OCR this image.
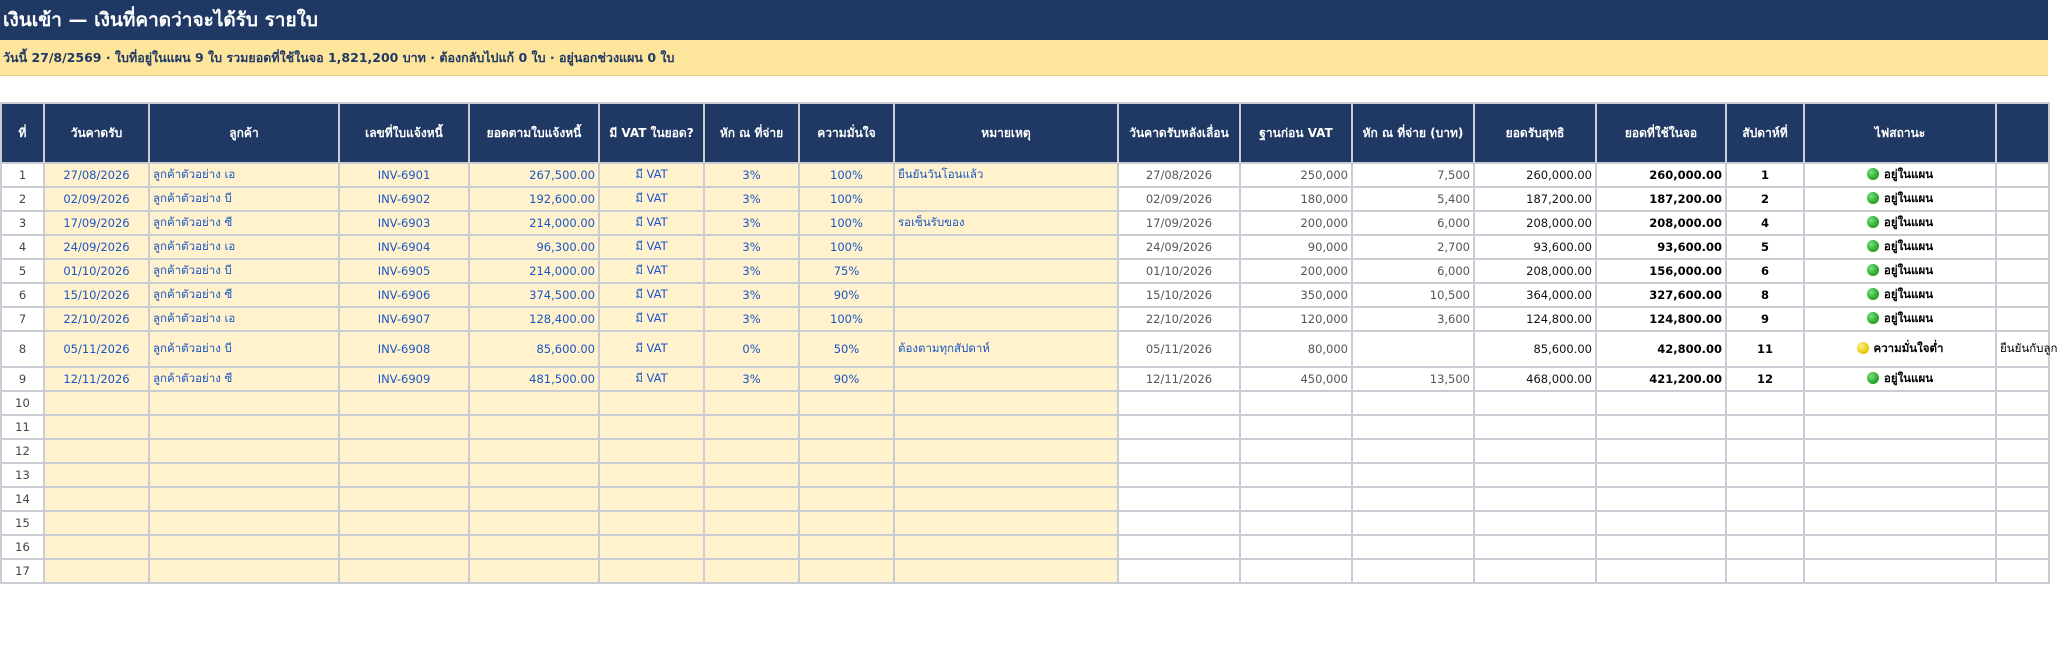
เงินเข้า — เงินที่คาดว่าจะได้รับ รายใบ
วันนี้ 27/8/2569 · ใบที่อยู่ในแผน 9 ใบ รวมยอดที่ใช้ในจอ 1,821,200 บาท · ต้องกลับไปแก้ 0 ใบ · อยู่นอกช่วงแผน 0 ใบ
ที่	วันคาดรับ	ลูกค้า	เลขที่ใบแจ้งหนี้	ยอดตามใบแจ้งหนี้	มี VAT ในยอด?	หัก ณ ที่จ่าย	ความมั่นใจ	หมายเหตุ	วันคาดรับหลังเลื่อน	ฐานก่อน VAT	หัก ณ ที่จ่าย (บาท)	ยอดรับสุทธิ	ยอดที่ใช้ในจอ	สัปดาห์ที่	ไฟสถานะ	
1	27/08/2026	ลูกค้าตัวอย่าง เอ	INV-6901	267,500.00	มี VAT	3%	100%	ยืนยันวันโอนแล้ว	27/08/2026	250,000	7,500	260,000.00	260,000.00	1	อยู่ในแผน	
2	02/09/2026	ลูกค้าตัวอย่าง บี	INV-6902	192,600.00	มี VAT	3%	100%		02/09/2026	180,000	5,400	187,200.00	187,200.00	2	อยู่ในแผน	
3	17/09/2026	ลูกค้าตัวอย่าง ซี	INV-6903	214,000.00	มี VAT	3%	100%	รอเซ็นรับของ	17/09/2026	200,000	6,000	208,000.00	208,000.00	4	อยู่ในแผน	
4	24/09/2026	ลูกค้าตัวอย่าง เอ	INV-6904	96,300.00	มี VAT	3%	100%		24/09/2026	90,000	2,700	93,600.00	93,600.00	5	อยู่ในแผน	
5	01/10/2026	ลูกค้าตัวอย่าง บี	INV-6905	214,000.00	มี VAT	3%	75%		01/10/2026	200,000	6,000	208,000.00	156,000.00	6	อยู่ในแผน	
6	15/10/2026	ลูกค้าตัวอย่าง ซี	INV-6906	374,500.00	มี VAT	3%	90%		15/10/2026	350,000	10,500	364,000.00	327,600.00	8	อยู่ในแผน	
7	22/10/2026	ลูกค้าตัวอย่าง เอ	INV-6907	128,400.00	มี VAT	3%	100%		22/10/2026	120,000	3,600	124,800.00	124,800.00	9	อยู่ในแผน	
8	05/11/2026	ลูกค้าตัวอย่าง บี	INV-6908	85,600.00	มี VAT	0%	50%	ต้องตามทุกสัปดาห์	05/11/2026	80,000		85,600.00	42,800.00	11	ความมั่นใจต่ำ	ยืนยันกับลูก
9	12/11/2026	ลูกค้าตัวอย่าง ซี	INV-6909	481,500.00	มี VAT	3%	90%		12/11/2026	450,000	13,500	468,000.00	421,200.00	12	อยู่ในแผน	
10																
11																
12																
13																
14																
15																
16																
17																
